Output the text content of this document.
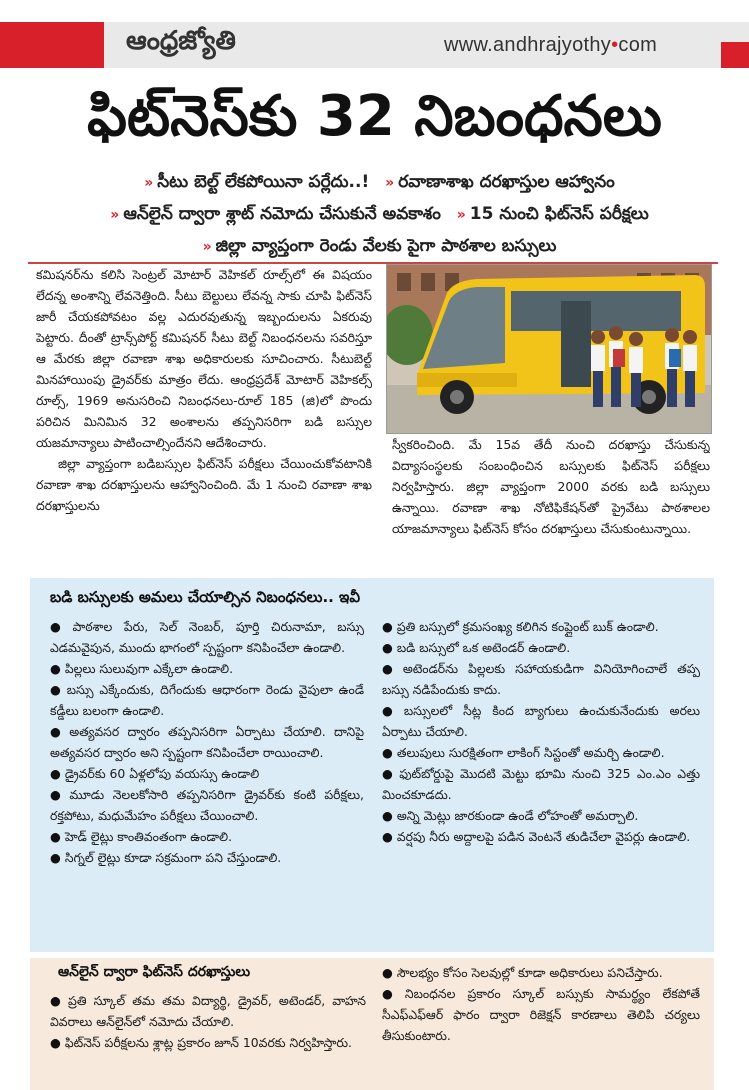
ఆంధ్రజ్యోతి	www.andhrajyothy•com
ఫిట్‌నెస్‌కు 32 నిబంధనలు
» సీటు బెల్ట్ లేకపోయినా పర్లేదు..! » రవాణాశాఖ దరఖాస్తుల ఆహ్వానం
» ఆన్‌లైన్ ద్వారా శ్లాట్ నమోదు చేసుకునే అవకాశం » 15 నుంచి ఫిట్‌నెస్ పరీక్షలు
» జిల్లా వ్యాప్తంగా రెండు వేలకు పైగా పాఠశాల బస్సులు

కమిషనర్‌ను కలిసి సెంట్రల్ మోటార్ వెహికల్ రూల్స్‌లో ఈ విషయం లేదన్న అంశాన్ని లేవనెత్తింది. సీటు బెల్టులు లేవన్న సాకు చూపి ఫిట్‌నెస్ జారీ చేయకపోవటం వల్ల ఎదురవుతున్న ఇబ్బందులను ఏకరువు పెట్టారు. దీంతో ట్రాన్స్‌పోర్ట్ కమిషనర్ సీటు బెల్ట్ నిబంధనలను సవరిస్తూ ఆ మేరకు జిల్లా రవాణా శాఖ అధికారులకు సూచించారు. సీటుబెల్ట్ మినహాయింపు డ్రైవర్‌కు మాత్రం లేదు. ఆంధ్రప్రదేశ్ మోటార్ వెహికల్స్ రూల్స్, 1969 అనుసరించి నిబంధనలు-రూల్ 185 (జి)లో పొందు పరిచిన మినిమిన 32 అంశాలను తప్పనిసరిగా బడి బస్సుల యజమాన్యాలు పాటించాల్సిందేనని ఆదేశించారు.

జిల్లా వ్యాప్తంగా బడిబస్సుల ఫిట్‌నెస్ పరీక్షలు చేయించుకోవటానికి రవాణా శాఖ దరఖాస్తులను ఆహ్వానించింది. మే 1 నుంచి రవాణా శాఖ దరఖాస్తులను

స్వీకరించింది. మే 15వ తేదీ నుంచి దరఖాస్తు చేసుకున్న విద్యాసంస్థలకు సంబంధించిన బస్సులకు ఫిట్‌నెస్ పరీక్షలు నిర్వహిస్తారు. జిల్లా వ్యాప్తంగా 2000 వరకు బడి బస్సులు ఉన్నాయి. రవాణా శాఖ నోటిఫికేషన్‌తో ప్రైవేటు పాఠశాలల యాజమాన్యాలు ఫిట్‌నెస్ కోసం దరఖాస్తులు చేసుకుంటున్నాయి.

బడి బస్సులకు అమలు చేయాల్సిన నిబంధనలు.. ఇవీ

● పాఠశాల పేరు, సెల్ నెంబర్, పూర్తి చిరునామా, బస్సు ఎడమవైపున, ముందు భాగంలో స్పష్టంగా కనిపించేలా ఉండాలి.

● పిల్లలు సులువుగా ఎక్కేలా ఉండాలి.

● బస్సు ఎక్కేందుకు, దిగేందుకు ఆధారంగా రెండు వైపులా ఉండే కడ్డీలు బలంగా ఉండాలి.

● అత్యవసర ద్వారం తప్పనిసరిగా ఏర్పాటు చేయాలి. దానిపై అత్యవసర ద్వారం అని స్పష్టంగా కనిపించేలా రాయించాలి.

● డ్రైవర్‌కు 60 ఏళ్లలోపు వయస్సు ఉండాలి

● మూడు నెలలకోసారి తప్పనిసరిగా డ్రైవర్‌కు కంటి పరీక్షలు, రక్తపోటు, మధుమేహం పరీక్షలు చేయించాలి.

● హెడ్ లైట్లు కాంతివంతంగా ఉండాలి.

● సిగ్నల్ లైట్లు కూడా సక్రమంగా పని చేస్తుండాలి.

● ప్రతి బస్సులో క్రమసంఖ్య కలిగిన కంప్లైంట్ బుక్ ఉండాలి.

● బడి బస్సులో ఒక అటెండర్ ఉండాలి.

● అటెండర్‌ను పిల్లలకు సహాయకుడిగా వినియోగించాలే తప్ప బస్సు నడిపేందుకు కాదు.

● బస్సులలో సీట్ల కింద బ్యాగులు ఉంచుకునేందుకు అరలు ఏర్పాటు చేయాలి.

● తలుపులు సురక్షితంగా లాకింగ్ సిస్టంతో అమర్చి ఉండాలి.

● ఫుట్‌బోర్డుపై మొదటి మెట్టు భూమి నుంచి 325 ఎం.ఎం ఎత్తు మించకూడదు.

● అన్ని మెట్లు జారకుండా ఉండే లోహంతో అమర్చాలి.

● వర్షపు నీరు అద్దాలపై పడిన వెంటనే తుడిచేలా వైపర్లు ఉండాలి.

ఆన్‌లైన్ ద్వారా ఫిట్‌నెస్ దరఖాస్తులు

● ప్రతి స్కూల్ తమ తమ విద్యార్థి, డ్రైవర్, అటెండర్, వాహన వివరాలు ఆన్‌లైన్‌లో నమోదు చేయాలి.

● ఫిట్‌నెస్ పరీక్షలను శ్లాట్ల ప్రకారం జూన్ 10వరకు నిర్వహిస్తారు.

● సౌలభ్యం కోసం సెలవుల్లో కూడా అధికారులు పనిచేస్తారు.

● నిబంధనల ప్రకారం స్కూల్ బస్సుకు సామర్థ్యం లేకపోతే సీఎఫ్ఎఫ్ఆర్ ఫారం ద్వారా రిజెక్షన్ కారణాలు తెలిపి చర్యలు తీసుకుంటారు.
